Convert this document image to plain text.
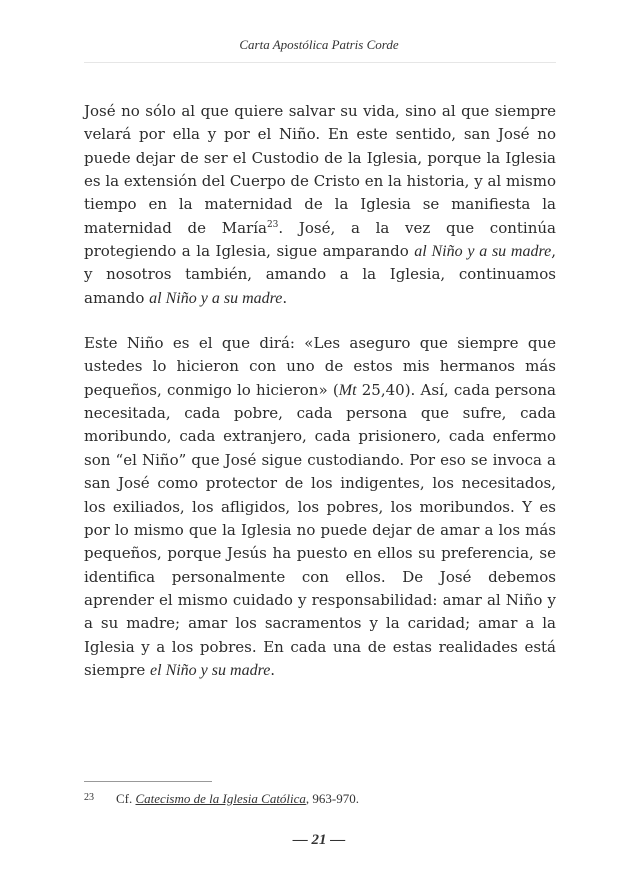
Carta Apostólica Patris Corde

José no sólo al que quiere salvar su vida, sino al que siempre velará por ella y por el Niño. En este sentido, san José no puede dejar de ser el Custodio de la Iglesia, porque la Iglesia es la extensión del Cuerpo de Cristo en la historia, y al mismo tiempo en la maternidad de la Iglesia se manifiesta la maternidad de María$^{23}$. José, a la vez que continúa protegiendo a la Iglesia, sigue amparando al Niño y a su madre, y nosotros también, amando a la Iglesia, continuamos amando al Niño y a su madre.

Este Niño es el que dirá: «Les aseguro que siempre que ustedes lo hicieron con uno de estos mis hermanos más pequeños, conmigo lo hicieron» (Mt 25,40). Así, cada persona necesitada, cada pobre, cada persona que sufre, cada moribundo, cada extranjero, cada prisionero, cada enfermo son “el Niño” que José sigue custodiando. Por eso se invoca a san José como protector de los indigentes, los necesitados, los exiliados, los afligidos, los pobres, los moribundos. Y es por lo mismo que la Iglesia no puede dejar de amar a los más pequeños, porque Jesús ha puesto en ellos su preferencia, se identifica personalmente con ellos. De José debemos aprender el mismo cuidado y responsabilidad: amar al Niño y a su madre; amar los sacramentos y la caridad; amar a la Iglesia y a los pobres. En cada una de estas realidades está siempre el Niño y su madre.

23 Cf. Catecismo de la Iglesia Católica, 963-970.
— 21 —
